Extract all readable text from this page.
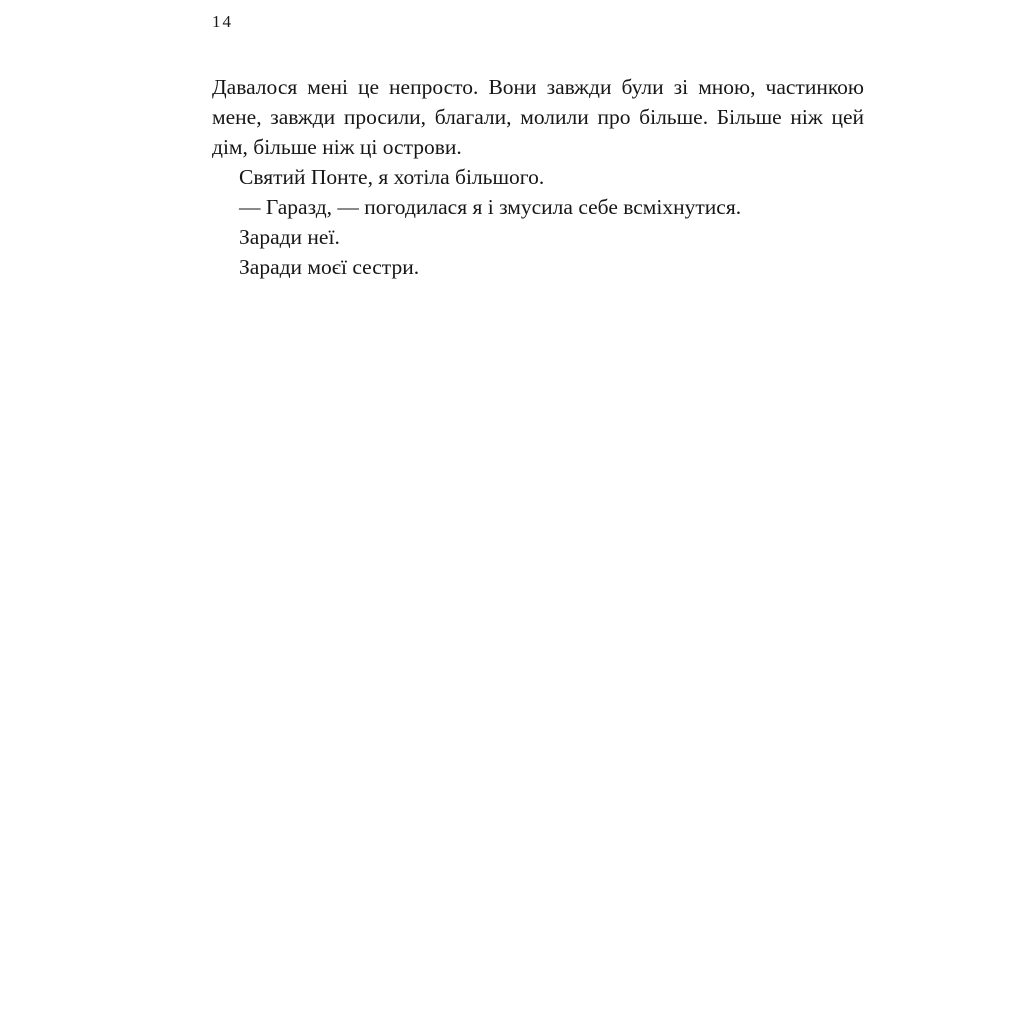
14

Давалося мені це непросто. Вони завжди були зі мною, частинкою мене, завжди просили, благали, молили про більше. Більше ніж цей дім, більше ніж ці острови.

Святий Понте, я хотіла більшого.

— Гаразд, — погодилася я і змусила себе всміхнутися.

Заради неї.

Заради моєї сестри.
